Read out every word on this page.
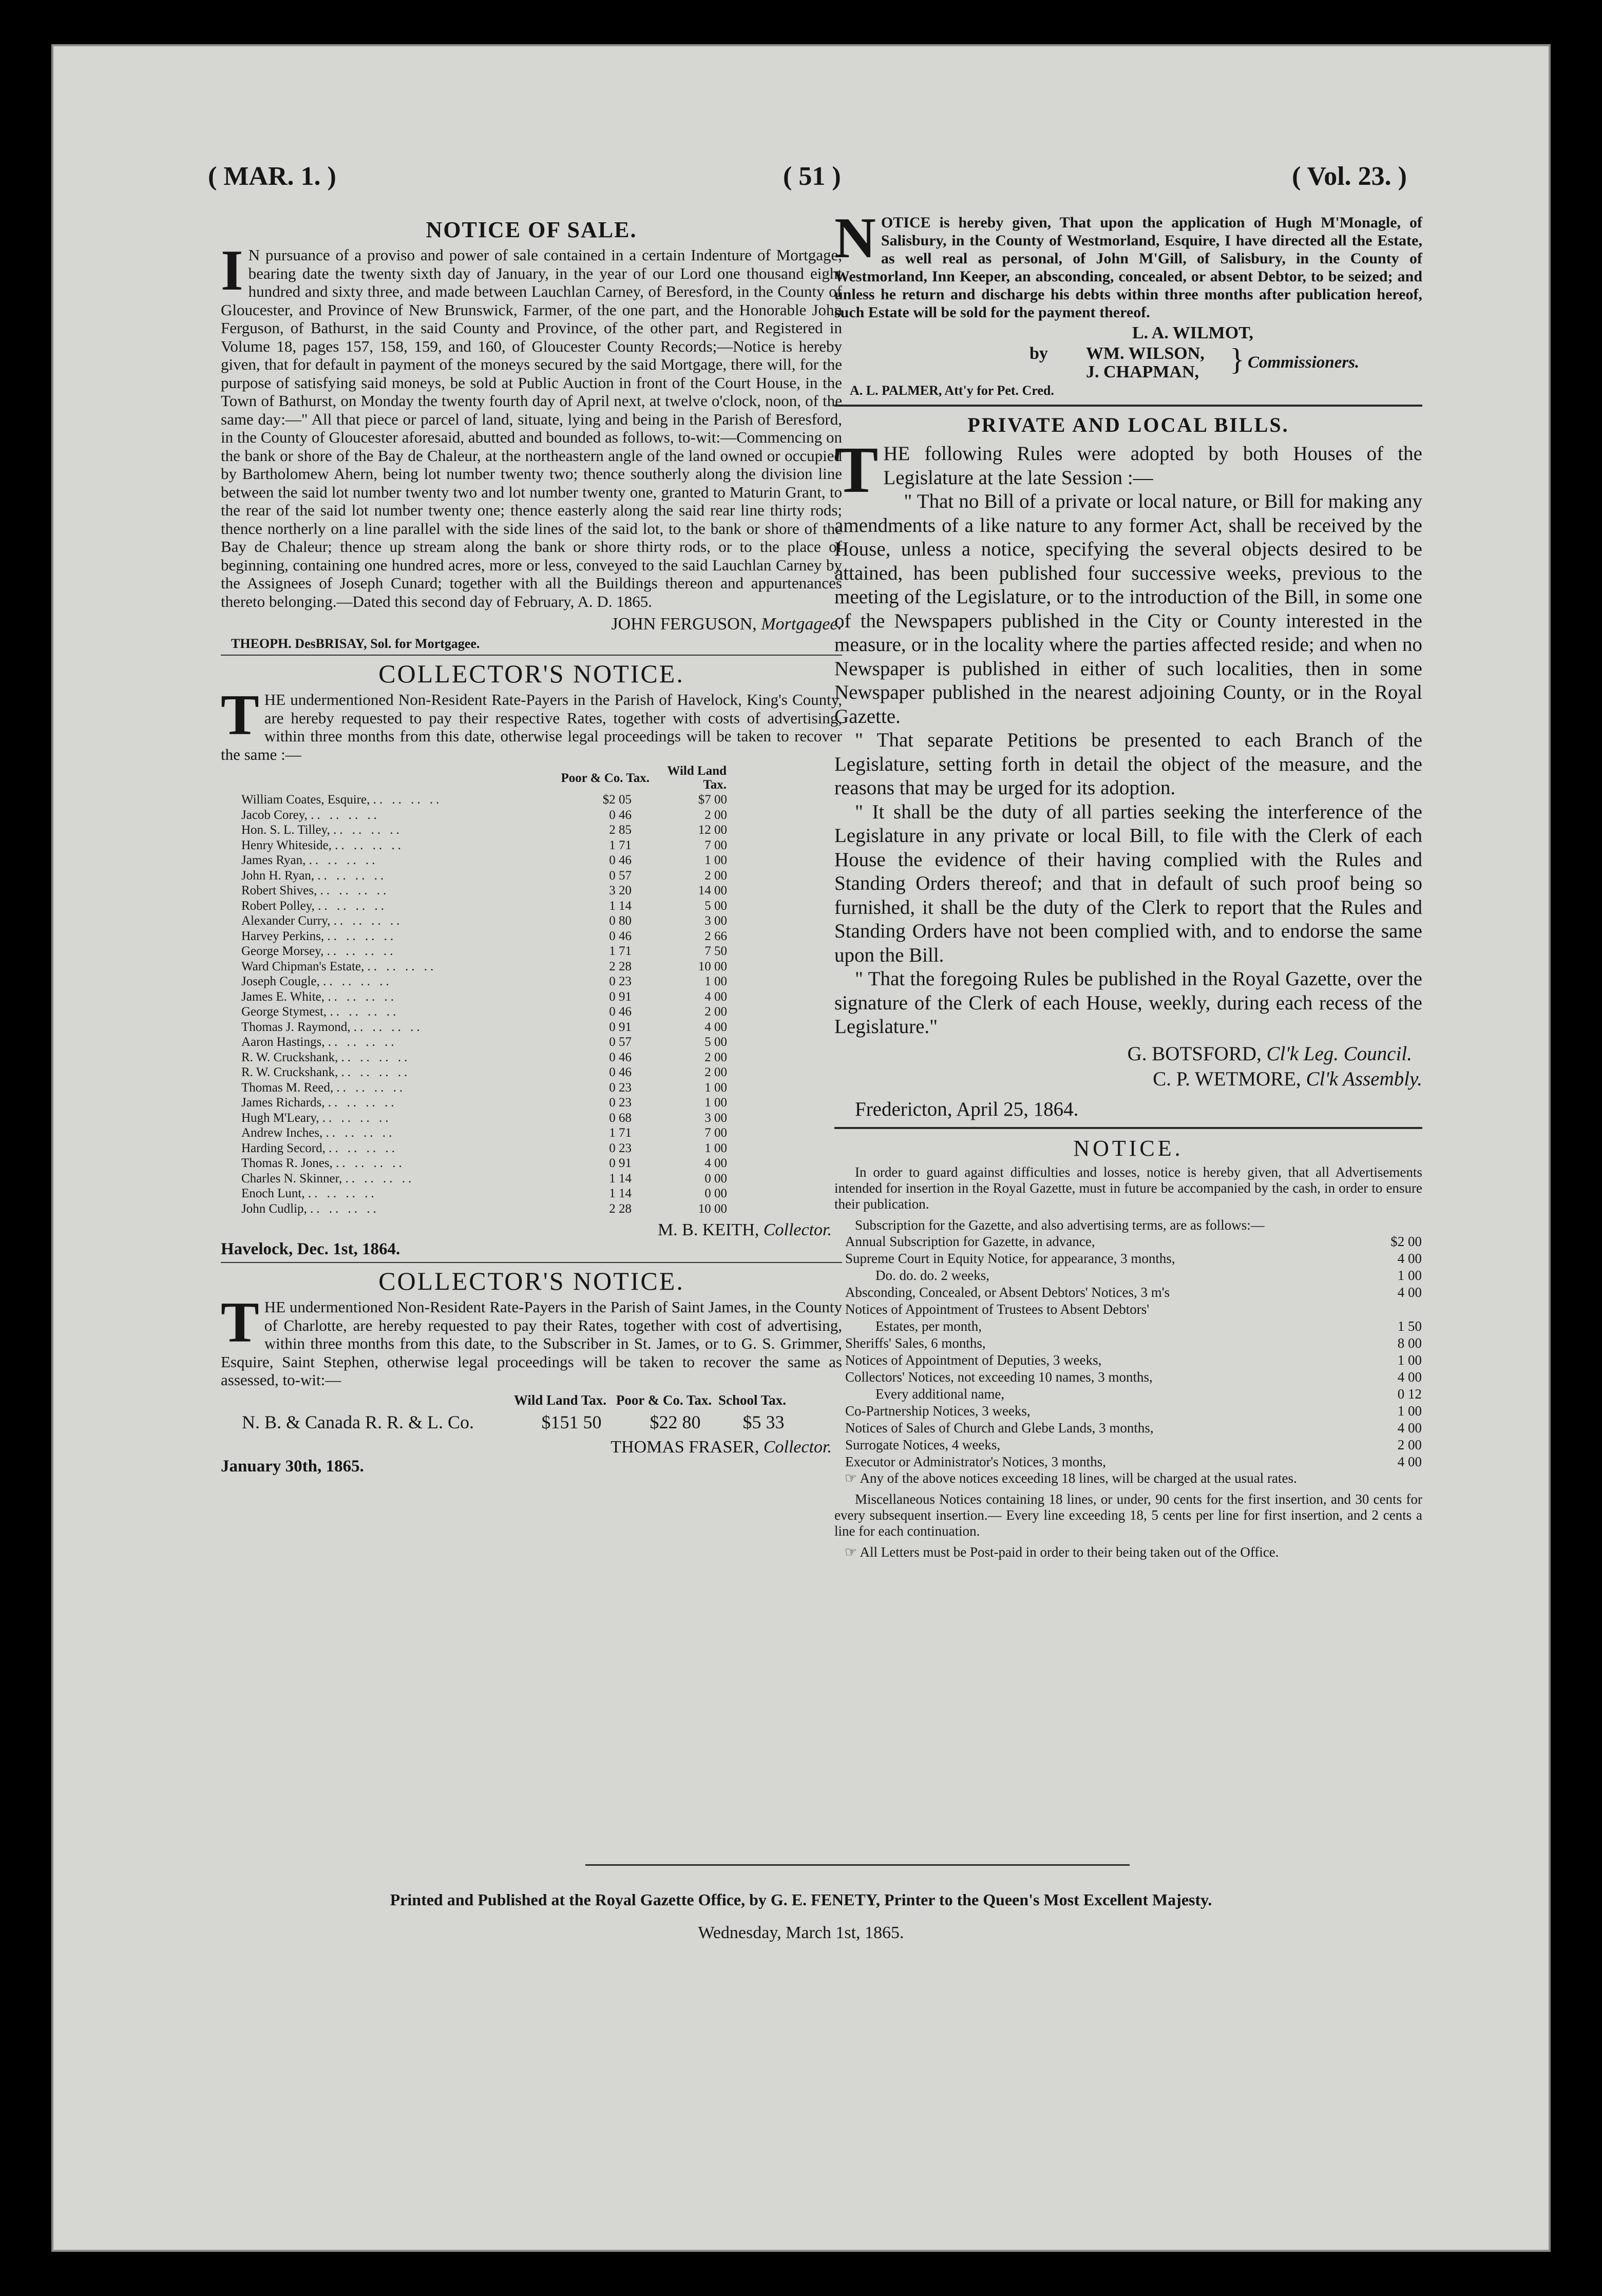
( MAR. 1. )	( 51 )	( Vol. 23. )
NOTICE OF SALE.

I N pursuance of a proviso and power of sale contained in a certain Indenture of Mortgage, bearing date the twenty sixth day of January, in the year of our Lord one thousand eight hundred and sixty three, and made between Lauchlan Carney, of Beresford, in the County of Gloucester, and Province of New Brunswick, Farmer, of the one part, and the Honorable John Ferguson, of Bathurst, in the said County and Province, of the other part, and Registered in Volume 18, pages 157, 158, 159, and 160, of Gloucester County Records;—Notice is hereby given, that for default in payment of the moneys secured by the said Mortgage, there will, for the purpose of satisfying said moneys, be sold at Public Auction in front of the Court House, in the Town of Bathurst, on Monday the twenty fourth day of April next, at twelve o'clock, noon, of the same day:—" All that piece or parcel of land, situate, lying and being in the Parish of Beresford, in the County of Gloucester aforesaid, abutted and bounded as follows, to-wit:—Commencing on the bank or shore of the Bay de Chaleur, at the northeastern angle of the land owned or occupied by Bartholomew Ahern, being lot number twenty two; thence southerly along the division line between the said lot number twenty two and lot number twenty one, granted to Maturin Grant, to the rear of the said lot number twenty one; thence easterly along the said rear line thirty rods; thence northerly on a line parallel with the side lines of the said lot, to the bank or shore of the Bay de Chaleur; thence up stream along the bank or shore thirty rods, or to the place of beginning, containing one hundred acres, more or less, conveyed to the said Lauchlan Carney by the Assignees of Joseph Cunard; together with all the Buildings thereon and appurtenances thereto belonging.—Dated this second day of February, A. D. 1865.

JOHN FERGUSON, Mortgagee.
THEOPH. DesBRISAY, Sol. for Mortgagee.
COLLECTOR'S NOTICE.

T HE undermentioned Non-Resident Rate-Payers in the Parish of Havelock, King's County, are hereby requested to pay their respective Rates, together with costs of advertising, within three months from this date, otherwise legal proceedings will be taken to recover the same :—

	Poor & Co. Tax.	Wild Land Tax.
William Coates, Esquire, .. .. .. ..	$2 05	$7 00
Jacob Corey, .. .. .. ..	0 46	2 00
Hon. S. L. Tilley, .. .. .. ..	2 85	12 00
Henry Whiteside, .. .. .. ..	1 71	7 00
James Ryan, .. .. .. ..	0 46	1 00
John H. Ryan, .. .. .. ..	0 57	2 00
Robert Shives, .. .. .. ..	3 20	14 00
Robert Polley, .. .. .. ..	1 14	5 00
Alexander Curry, .. .. .. ..	0 80	3 00
Harvey Perkins, .. .. .. ..	0 46	2 66
George Morsey, .. .. .. ..	1 71	7 50
Ward Chipman's Estate, .. .. .. ..	2 28	10 00
Joseph Cougle, .. .. .. ..	0 23	1 00
James E. White, .. .. .. ..	0 91	4 00
George Stymest, .. .. .. ..	0 46	2 00
Thomas J. Raymond, .. .. .. ..	0 91	4 00
Aaron Hastings, .. .. .. ..	0 57	5 00
R. W. Cruckshank, .. .. .. ..	0 46	2 00
R. W. Cruckshank, .. .. .. ..	0 46	2 00
Thomas M. Reed, .. .. .. ..	0 23	1 00
James Richards, .. .. .. ..	0 23	1 00
Hugh M'Leary, .. .. .. ..	0 68	3 00
Andrew Inches, .. .. .. ..	1 71	7 00
Harding Secord, .. .. .. ..	0 23	1 00
Thomas R. Jones, .. .. .. ..	0 91	4 00
Charles N. Skinner, .. .. .. ..	1 14	0 00
Enoch Lunt, .. .. .. ..	1 14	0 00
John Cudlip, .. .. .. ..	2 28	10 00
M. B. KEITH, Collector.
Havelock, Dec. 1st, 1864.
COLLECTOR'S NOTICE.

T HE undermentioned Non-Resident Rate-Payers in the Parish of Saint James, in the County of Charlotte, are hereby requested to pay their Rates, together with cost of advertising, within three months from this date, to the Subscriber in St. James, or to G. S. Grimmer, Esquire, Saint Stephen, otherwise legal proceedings will be taken to recover the same as assessed, to-wit:—

Wild Land Tax.	Poor & Co. Tax.	School Tax.
N. B. & Canada R. R. & L. Co.	$151 50	$22 80	$5 33
THOMAS FRASER, Collector.
January 30th, 1865.

N OTICE is hereby given, That upon the application of Hugh M'Monagle, of Salisbury, in the County of Westmorland, Esquire, I have directed all the Estate, as well real as personal, of John M'Gill, of Salisbury, in the County of Westmorland, Inn Keeper, an absconding, concealed, or absent Debtor, to be seized; and unless he return and discharge his debts within three months after publication hereof, such Estate will be sold for the payment thereof.

L. A. WILMOT,
by WM. WILSON,
J. CHAPMAN, } Commissioners.
A. L. PALMER, Att'y for Pet. Cred.
PRIVATE AND LOCAL BILLS.

T HE following Rules were adopted by both Houses of the Legislature at the late Session :—

" That no Bill of a private or local nature, or Bill for making any amendments of a like nature to any former Act, shall be received by the House, unless a notice, specifying the several objects desired to be attained, has been published four successive weeks, previous to the meeting of the Legislature, or to the introduction of the Bill, in some one of the Newspapers published in the City or County interested in the measure, or in the locality where the parties affected reside; and when no Newspaper is published in either of such localities, then in some Newspaper published in the nearest adjoining County, or in the Royal Gazette.

" That separate Petitions be presented to each Branch of the Legislature, setting forth in detail the object of the measure, and the reasons that may be urged for its adoption.

" It shall be the duty of all parties seeking the interference of the Legislature in any private or local Bill, to file with the Clerk of each House the evidence of their having complied with the Rules and Standing Orders thereof; and that in default of such proof being so furnished, it shall be the duty of the Clerk to report that the Rules and Standing Orders have not been complied with, and to endorse the same upon the Bill.

" That the foregoing Rules be published in the Royal Gazette, over the signature of the Clerk of each House, weekly, during each recess of the Legislature."

G. BOTSFORD, Cl'k Leg. Council.
C. P. WETMORE, Cl'k Assembly.
Fredericton, April 25, 1864.
NOTICE.

In order to guard against difficulties and losses, notice is hereby given, that all Advertisements intended for insertion in the Royal Gazette, must in future be accompanied by the cash, in order to ensure their publication.

Subscription for the Gazette, and also advertising terms, are as follows:—

Annual Subscription for Gazette, in advance,	$2 00
Supreme Court in Equity Notice, for appearance, 3 months,	4 00
Do. do. do. 2 weeks,	1 00
Absconding, Concealed, or Absent Debtors' Notices, 3 m's	4 00
Notices of Appointment of Trustees to Absent Debtors'	
Estates, per month,	1 50
Sheriffs' Sales, 6 months,	8 00
Notices of Appointment of Deputies, 3 weeks,	1 00
Collectors' Notices, not exceeding 10 names, 3 months,	4 00
Every additional name,	0 12
Co-Partnership Notices, 3 weeks,	1 00
Notices of Sales of Church and Glebe Lands, 3 months,	4 00
Surrogate Notices, 4 weeks,	2 00
Executor or Administrator's Notices, 3 months,	4 00

☞ Any of the above notices exceeding 18 lines, will be charged at the usual rates.

Miscellaneous Notices containing 18 lines, or under, 90 cents for the first insertion, and 30 cents for every subsequent insertion.— Every line exceeding 18, 5 cents per line for first insertion, and 2 cents a line for each continuation.

☞ All Letters must be Post-paid in order to their being taken out of the Office.

Printed and Published at the Royal Gazette Office, by G. E. FENETY, Printer to the Queen's Most Excellent Majesty.
Wednesday, March 1st, 1865.
